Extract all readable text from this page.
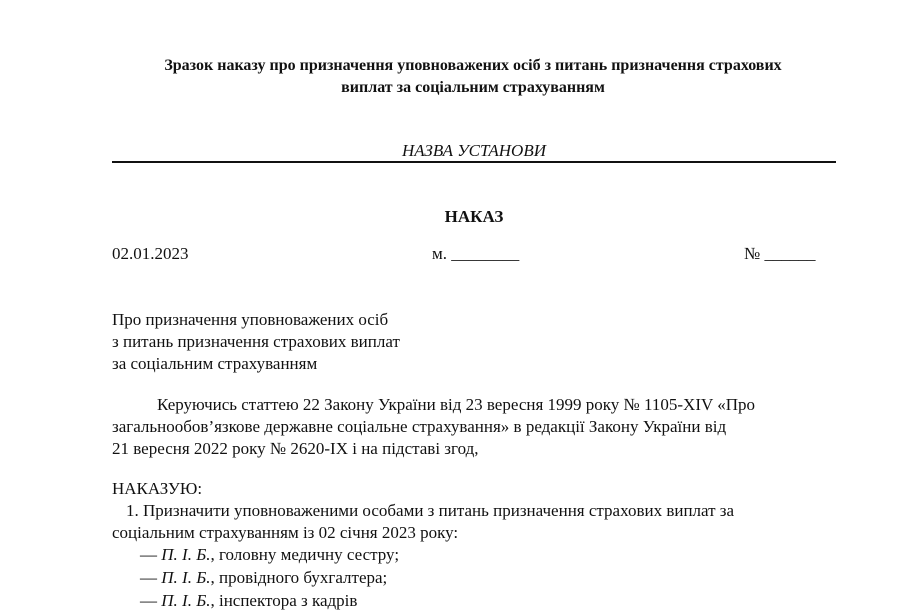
Зразок наказу про призначення уповноважених осіб з питань призначення страхових
виплат за соціальним страхуванням
НАЗВА УСТАНОВИ
НАКАЗ
02.01.2023	м. ________	№ ______
Про призначення уповноважених осіб
з питань призначення страхових виплат
за соціальним страхуванням
Керуючись статтею 22 Закону України від 23 вересня 1999 року № 1105-XIV «Про
загальнообов’язкове державне соціальне страхування» в редакції Закону України від
21 вересня 2022 року № 2620-IX і на підставі згод,
НАКАЗУЮ:
1. Призначити уповноваженими особами з питань призначення страхових виплат за
соціальним страхуванням із 02 січня 2023 року:
— П. І. Б., головну медичну сестру;
— П. І. Б., провідного бухгалтера;
— П. І. Б., інспектора з кадрів
